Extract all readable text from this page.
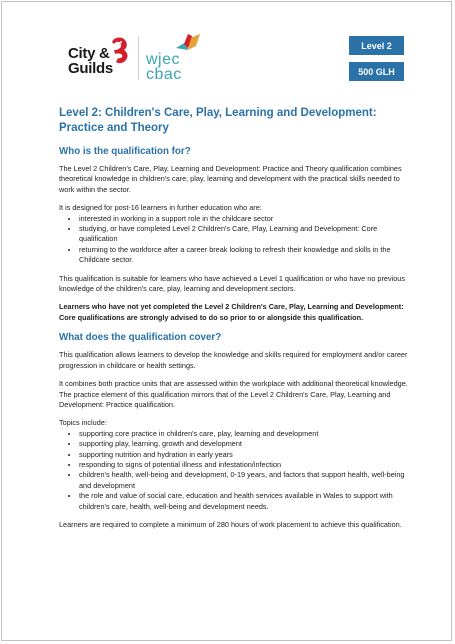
City &
Guilds
wjec
cbac
Level 2
500 GLH
Level 2: Children's Care, Play, Learning and Development: Practice and Theory
Who is the qualification for?

The Level 2 Children's Care, Play, Learning and Development: Practice and Theory qualification combines theoretical knowledge in children's care, play, learning and development with the practical skills needed to work within the sector.

It is designed for post-16 learners in further education who are:

• interested in working in a support role in the childcare sector
• studying, or have completed Level 2 Children's Care, Play, Learning and Development: Core qualification
• returning to the workforce after a career break looking to refresh their knowledge and skills in the Childcare sector.

This qualification is suitable for learners who have achieved a Level 1 qualification or who have no previous knowledge of the children's care, play, learning and development sectors.

Learners who have not yet completed the Level 2 Children's Care, Play, Learning and Development: Core qualifications are strongly advised to do so prior to or alongside this qualification.

What does the qualification cover?

This qualification allows learners to develop the knowledge and skills required for employment and/or career progression in childcare or health settings.

It combines both practice units that are assessed within the workplace with additional theoretical knowledge. The practice element of this qualification mirrors that of the Level 2 Children's Care, Play, Learning and Development: Practice qualification.

Topics include:

• supporting core practice in children's care, play, learning and development
• supporting play, learning, growth and development
• supporting nutrition and hydration in early years
• responding to signs of potential illness and infestation/infection
• children's health, well-being and development, 0-19 years, and factors that support health, well-being and development
• the role and value of social care, education and health services available in Wales to support with children's care, health, well-being and development needs.

Learners are required to complete a minimum of 280 hours of work placement to achieve this qualification.
